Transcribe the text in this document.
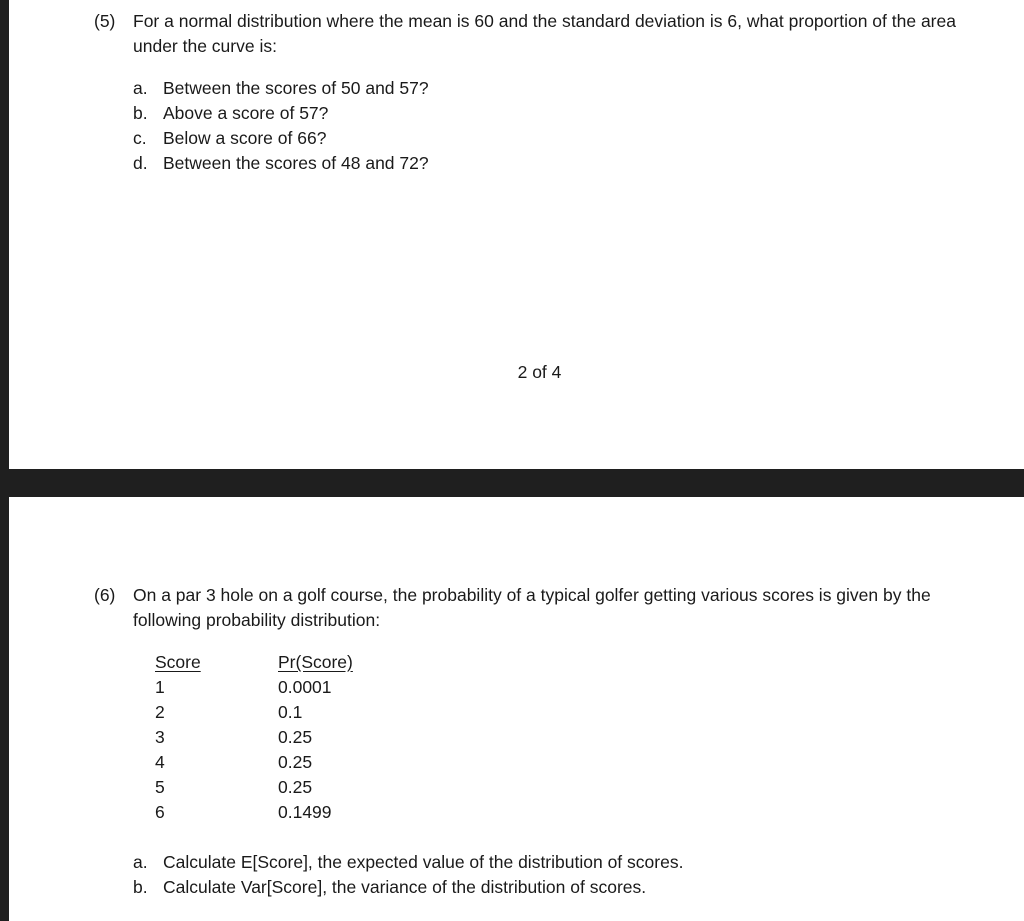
(5) For a normal distribution where the mean is 60 and the standard deviation is 6, what proportion of the area under the curve is:
a. Between the scores of 50 and 57?
b. Above a score of 57?
c. Below a score of 66?
d. Between the scores of 48 and 72?
2 of 4
(6) On a par 3 hole on a golf course, the probability of a typical golfer getting various scores is given by the following probability distribution:
Score
1
2
3
4
5
6
Pr(Score)
0.0001
0.1
0.25
0.25
0.25
0.1499
a. Calculate E[Score], the expected value of the distribution of scores.
b. Calculate Var[Score], the variance of the distribution of scores.
